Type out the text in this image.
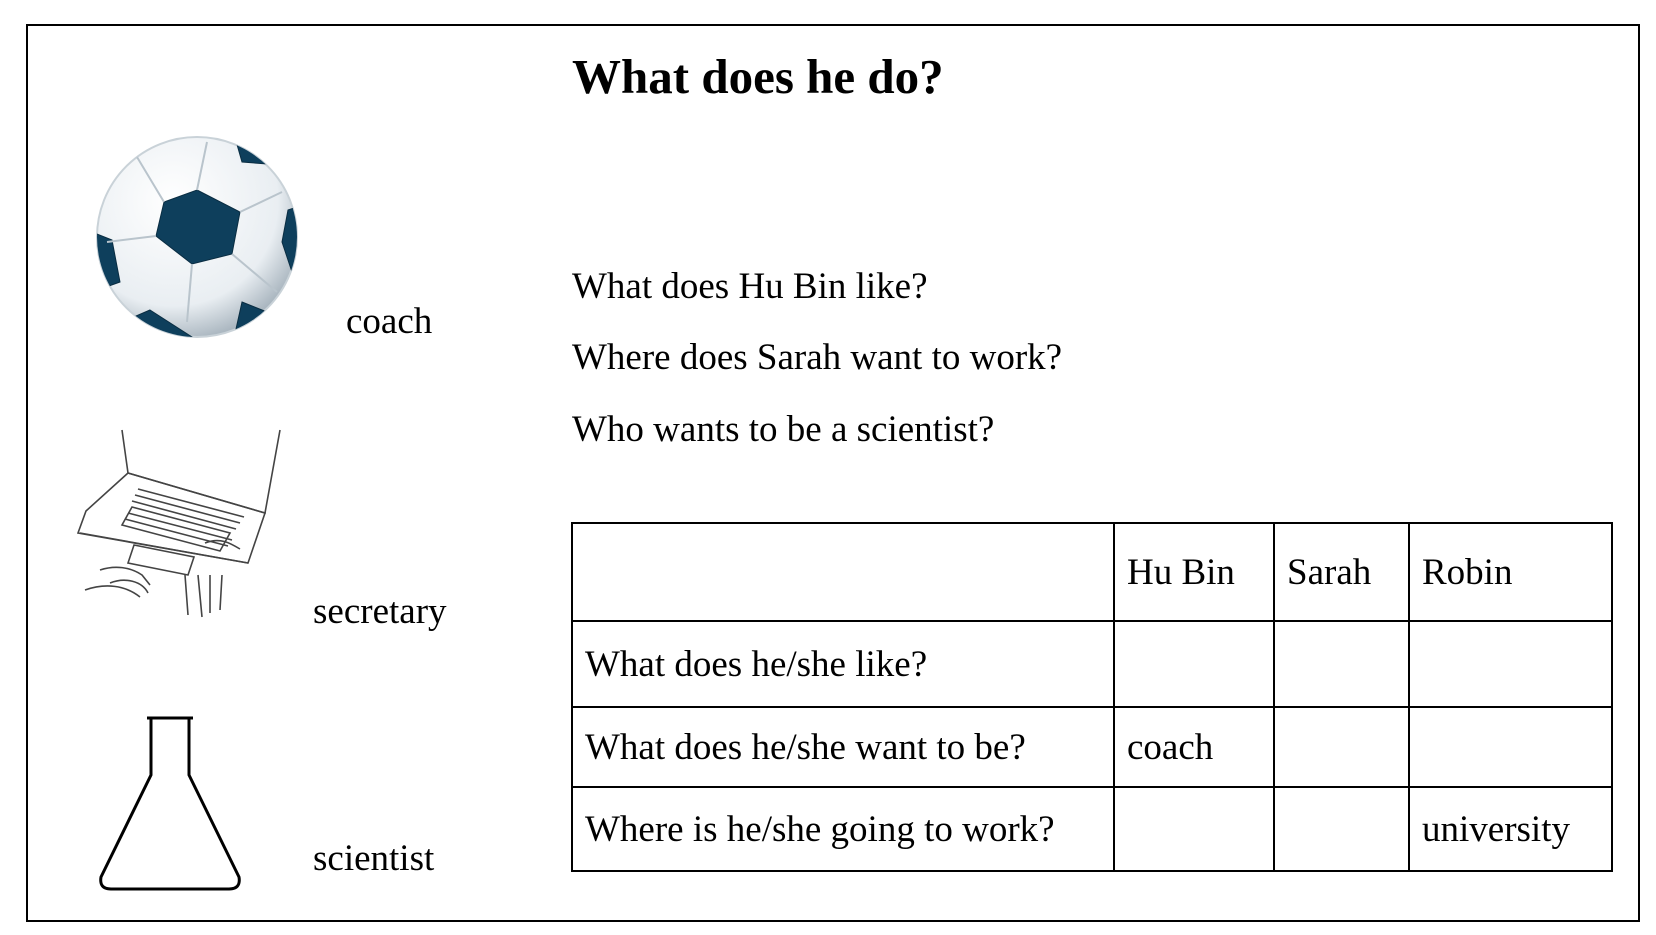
What does he do?
What does Hu Bin like?
Where does Sarah want to work?
Who wants to be a scientist?
coach
secretary
scientist
	Hu Bin	Sarah	Robin
What does he/she like?			
What does he/she want to be?	coach		
Where is he/she going to work?			university
